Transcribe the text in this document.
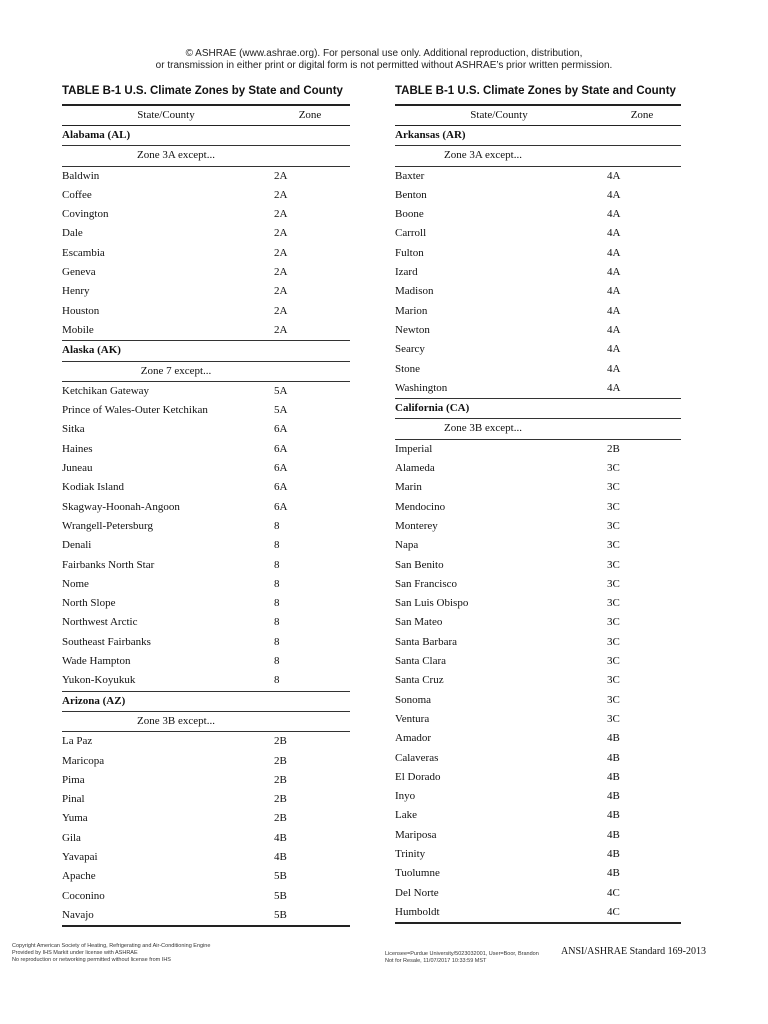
© ASHRAE (www.ashrae.org). For personal use only. Additional reproduction, distribution,
or transmission in either print or digital form is not permitted without ASHRAE’s prior written permission.
TABLE B-1 U.S. Climate Zones by State and County
State/County	Zone
Alabama (AL)
Zone 3A except...
Baldwin	2A
Coffee	2A
Covington	2A
Dale	2A
Escambia	2A
Geneva	2A
Henry	2A
Houston	2A
Mobile	2A
Alaska (AK)
Zone 7 except...
Ketchikan Gateway	5A
Prince of Wales-Outer Ketchikan	5A
Sitka	6A
Haines	6A
Juneau	6A
Kodiak Island	6A
Skagway-Hoonah-Angoon	6A
Wrangell-Petersburg	8
Denali	8
Fairbanks North Star	8
Nome	8
North Slope	8
Northwest Arctic	8
Southeast Fairbanks	8
Wade Hampton	8
Yukon-Koyukuk	8
Arizona (AZ)
Zone 3B except...
La Paz	2B
Maricopa	2B
Pima	2B
Pinal	2B
Yuma	2B
Gila	4B
Yavapai	4B
Apache	5B
Coconino	5B
Navajo	5B
TABLE B-1 U.S. Climate Zones by State and County
State/County	Zone
Arkansas (AR)
Zone 3A except...
Baxter	4A
Benton	4A
Boone	4A
Carroll	4A
Fulton	4A
Izard	4A
Madison	4A
Marion	4A
Newton	4A
Searcy	4A
Stone	4A
Washington	4A
California (CA)
Zone 3B except...
Imperial	2B
Alameda	3C
Marin	3C
Mendocino	3C
Monterey	3C
Napa	3C
San Benito	3C
San Francisco	3C
San Luis Obispo	3C
San Mateo	3C
Santa Barbara	3C
Santa Clara	3C
Santa Cruz	3C
Sonoma	3C
Ventura	3C
Amador	4B
Calaveras	4B
El Dorado	4B
Inyo	4B
Lake	4B
Mariposa	4B
Trinity	4B
Tuolumne	4B
Del Norte	4C
Humboldt	4C
Copyright American Society of Heating, Refrigerating and Air-Conditioning Engine
Provided by IHS Markit under license with ASHRAE
No reproduction or networking permitted without license from IHS
Licensee=Purdue University/5023032001, User=Boor, Brandon
Not for Resale, 11/07/2017 10:33:59 MST
ANSI/ASHRAE Standard 169-2013
